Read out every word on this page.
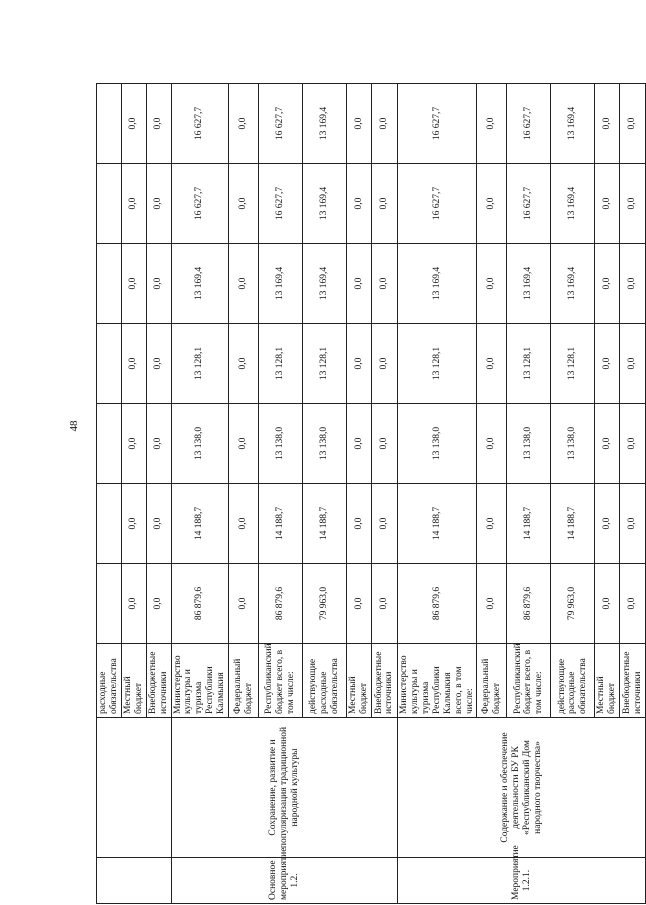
48
		расходные обязательства							
		Местный бюджет	0,0	0,0	0,0	0,0	0,0	0,0	0,0
		Внебюджетные источники	0,0	0,0	0,0	0,0	0,0	0,0	0,0
Основное мероприятие 1.2.	Сохранение, развитие и популяризация традиционной народной культуры	Министерство культуры и туризма Республики Калмыкия	86 879,6	14 188,7	13 138,0	13 128,1	13 169,4	16 627,7	16 627,7
		Федеральный бюджет	0,0	0,0	0,0	0,0	0,0	0,0	0,0
		Республиканский бюджет всего, в том числе:	86 879,6	14 188,7	13 138,0	13 128,1	13 169,4	16 627,7	16 627,7
		действующие расходные обязательства	79 963,0	14 188,7	13 138,0	13 128,1	13 169,4	13 169,4	13 169,4
		Местный бюджет	0,0	0,0	0,0	0,0	0,0	0,0	0,0
		Внебюджетные источники	0,0	0,0	0,0	0,0	0,0	0,0	0,0
Мероприятие 1.2.1.	Содержание и обеспечение деятельности БУ РК «Республиканский Дом народного творчества»	Министерство культуры и туризма Республики Калмыкия всего, в том числе:	86 879,6	14 188,7	13 138,0	13 128,1	13 169,4	16 627,7	16 627,7
		Федеральный бюджет	0,0	0,0	0,0	0,0	0,0	0,0	0,0
		Республиканский бюджет всего, в том числе:	86 879,6	14 188,7	13 138,0	13 128,1	13 169,4	16 627,7	16 627,7
		действующие расходные обязательства	79 963,0	14 188,7	13 138,0	13 128,1	13 169,4	13 169,4	13 169,4
		Местный бюджет	0,0	0,0	0,0	0,0	0,0	0,0	0,0
		Внебюджетные источники	0,0	0,0	0,0	0,0	0,0	0,0	0,0
